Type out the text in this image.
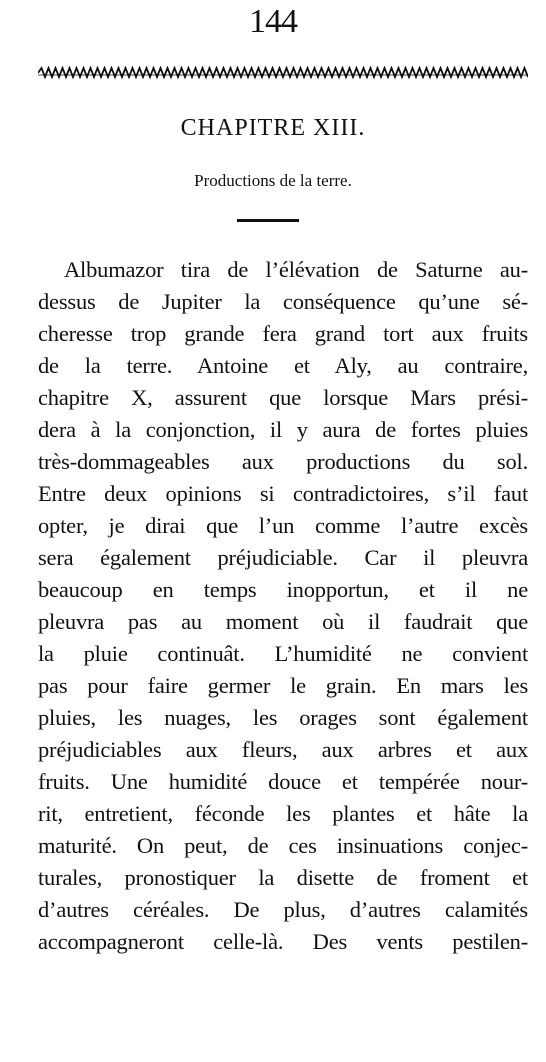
144
CHAPITRE XIII.
Productions de la terre.
Albumazor tira de l’élévation de Saturne au-
dessus de Jupiter la conséquence qu’une sé-
cheresse trop grande fera grand tort aux fruits
de la terre. Antoine et Aly, au contraire,
chapitre X, assurent que lorsque Mars prési-
dera à la conjonction, il y aura de fortes pluies
très-dommageables aux productions du sol.
Entre deux opinions si contradictoires, s’il faut
opter, je dirai que l’un comme l’autre excès
sera également préjudiciable. Car il pleuvra
beaucoup en temps inopportun, et il ne
pleuvra pas au moment où il faudrait que
la pluie continuât. L’humidité ne convient
pas pour faire germer le grain. En mars les
pluies, les nuages, les orages sont également
préjudiciables aux fleurs, aux arbres et aux
fruits. Une humidité douce et tempérée nour-
rit, entretient, féconde les plantes et hâte la
maturité. On peut, de ces insinuations conjec-
turales, pronostiquer la disette de froment et
d’autres céréales. De plus, d’autres calamités
accompagneront celle-là. Des vents pestilen-
